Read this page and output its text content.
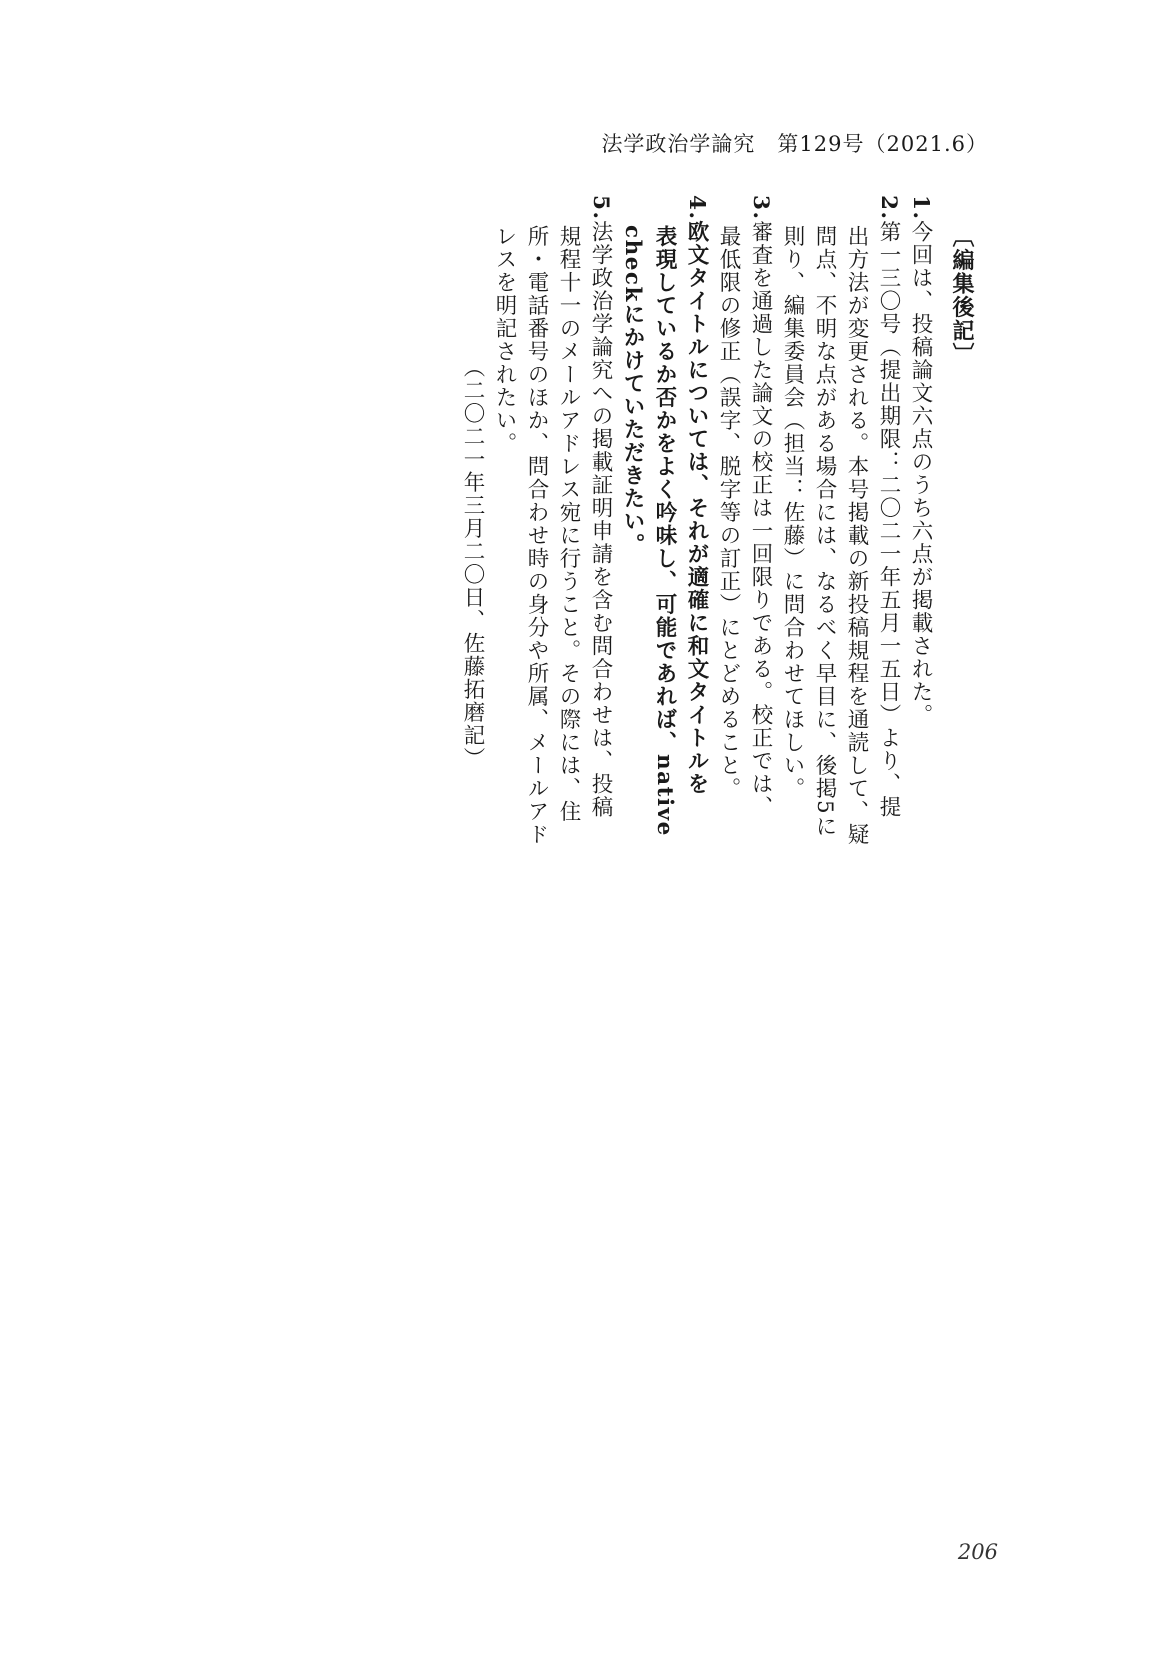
法学政治学論究　第129号（2021.6）

〔編集後記〕

1.今回は、投稿論文六点のうち六点が掲載された。

2.第一三〇号（提出期限：二〇二一年五月一五日）より、提

出方法が変更される。本号掲載の新投稿規程を通読して、疑

問点、不明な点がある場合には、なるべく早目に、後掲5に

則り、編集委員会（担当：佐藤）に問合わせてほしい。

3.審査を通過した論文の校正は一回限りである。校正では、

最低限の修正（誤字、脱字等の訂正）にとどめること。

4.欧文タイトルについては、それが適確に和文タイトルを

表現しているか否かをよく吟味し、可能であれば、native

checkにかけていただきたい。

5.法学政治学論究への掲載証明申請を含む問合わせは、投稿

規程十一のメールアドレス宛に行うこと。その際には、住

所・電話番号のほか、問合わせ時の身分や所属、メールアド

レスを明記されたい。

（二〇二一年三月二〇日、佐藤拓磨記）

206
